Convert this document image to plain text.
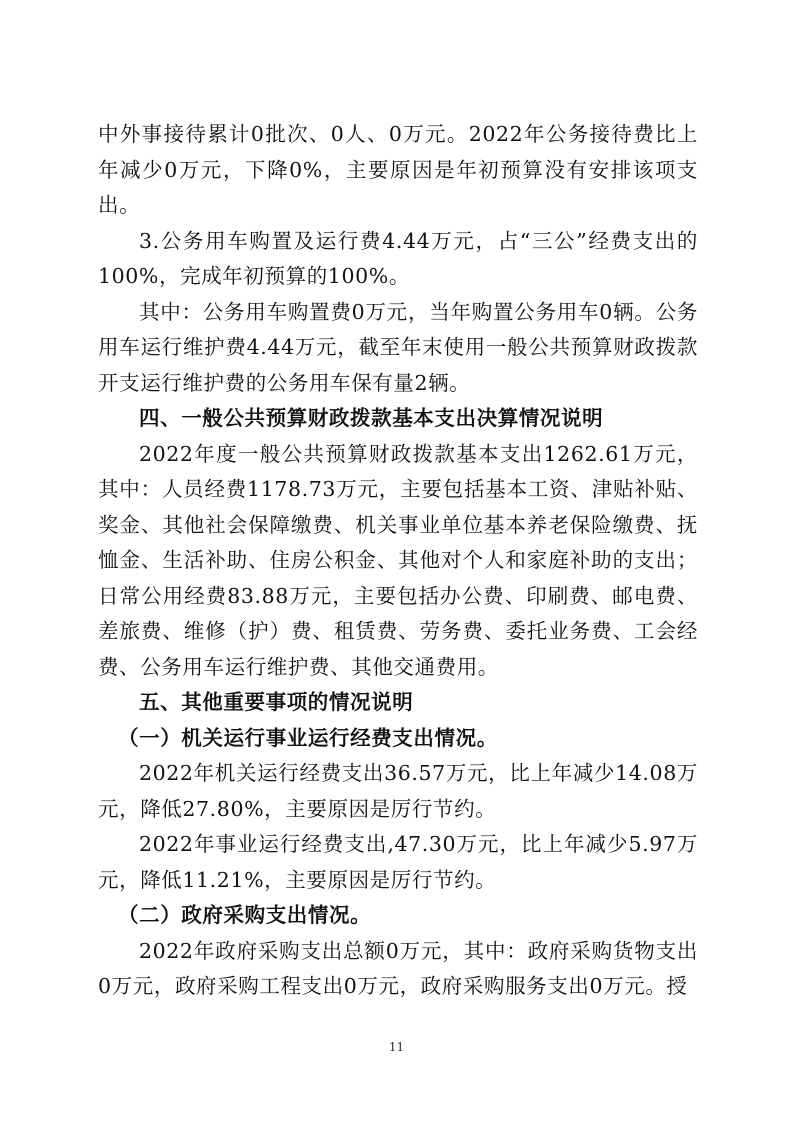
中外事接待累计0批次、0人、0万元。2022年公务接待费比上年减少0万元，下降0%，主要原因是年初预算没有安排该项支出。

3.公务用车购置及运行费4.44万元，占“三公”经费支出的100%，完成年初预算的100%。

其中：公务用车购置费0万元，当年购置公务用车0辆。公务用车运行维护费4.44万元，截至年末使用一般公共预算财政拨款开支运行维护费的公务用车保有量2辆。

四、一般公共预算财政拨款基本支出决算情况说明

2022年度一般公共预算财政拨款基本支出1262.61万元，其中：人员经费1178.73万元，主要包括基本工资、津贴补贴、奖金、其他社会保障缴费、机关事业单位基本养老保险缴费、抚恤金、生活补助、住房公积金、其他对个人和家庭补助的支出；日常公用经费83.88万元，主要包括办公费、印刷费、邮电费、差旅费、维修（护）费、租赁费、劳务费、委托业务费、工会经费、公务用车运行维护费、其他交通费用。

五、其他重要事项的情况说明

（一）机关运行事业运行经费支出情况。

2022年机关运行经费支出36.57万元，比上年减少14.08万元，降低27.80%，主要原因是厉行节约。

2022年事业运行经费支出,47.30万元，比上年减少5.97万元，降低11.21%，主要原因是厉行节约。

（二）政府采购支出情况。

2022年政府采购支出总额0万元，其中：政府采购货物支出0万元，政府采购工程支出0万元，政府采购服务支出0万元。授

11
